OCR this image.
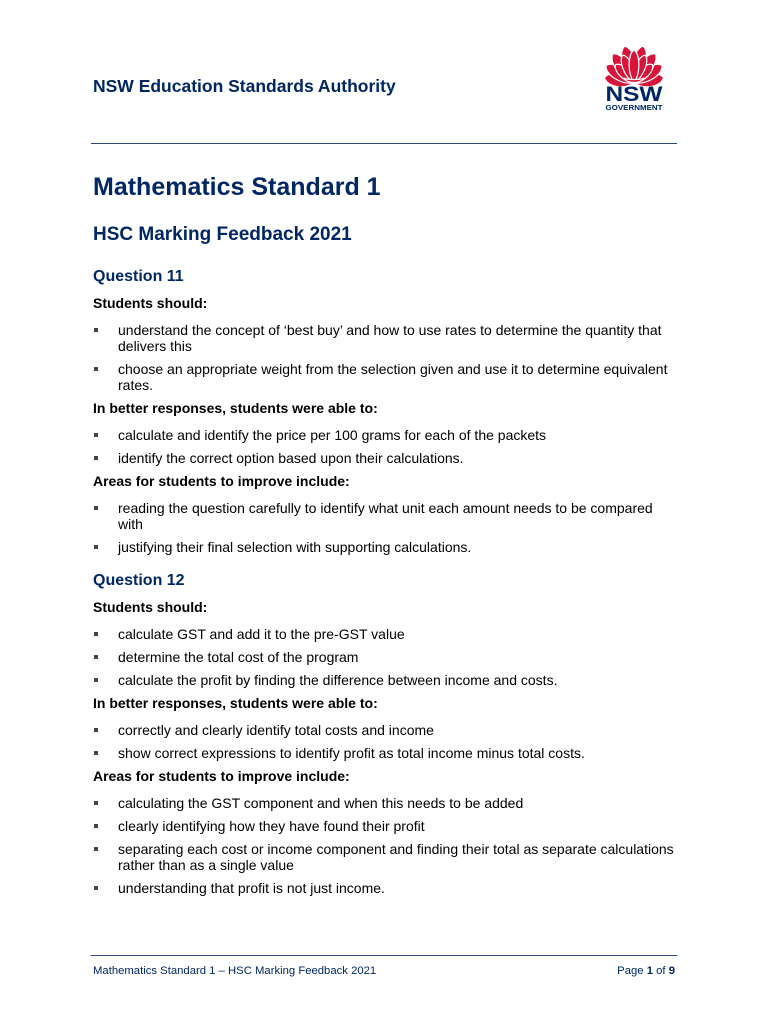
NSW Education Standards Authority	NSW
GOVERNMENT
Mathematics Standard 1
HSC Marking Feedback 2021
Question 11

Students should:

understand the concept of ‘best buy’ and how to use rates to determine the quantity that delivers this
choose an appropriate weight from the selection given and use it to determine equivalent rates.

In better responses, students were able to:

calculate and identify the price per 100 grams for each of the packets
identify the correct option based upon their calculations.

Areas for students to improve include:

reading the question carefully to identify what unit each amount needs to be compared with
justifying their final selection with supporting calculations.
Question 12

Students should:

calculate GST and add it to the pre-GST value
determine the total cost of the program
calculate the profit by finding the difference between income and costs.

In better responses, students were able to:

correctly and clearly identify total costs and income
show correct expressions to identify profit as total income minus total costs.

Areas for students to improve include:

calculating the GST component and when this needs to be added
clearly identifying how they have found their profit
separating each cost or income component and finding their total as separate calculations rather than as a single value
understanding that profit is not just income.
Mathematics Standard 1 – HSC Marking Feedback 2021	Page 1 of 9
